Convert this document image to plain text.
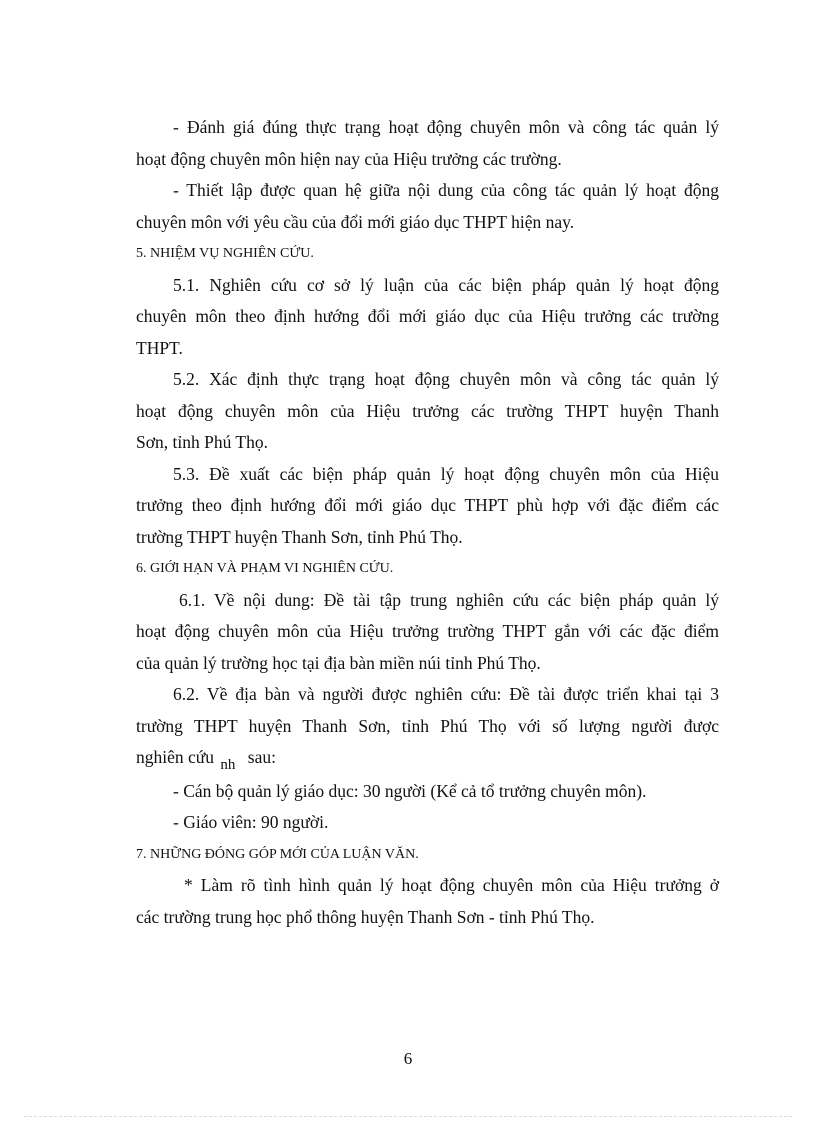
- Đánh giá đúng thực trạng hoạt động chuyên môn và công tác quản lý
hoạt động chuyên môn hiện nay của Hiệu trưởng các trường.
- Thiết lập được quan hệ giữa nội dung của công tác quản lý hoạt động
chuyên môn với yêu cầu của đổi mới giáo dục THPT hiện nay.
5. NHIỆM VỤ NGHIÊN CỨU.
5.1. Nghiên cứu cơ sở lý luận của các biện pháp quản lý hoạt động
chuyên môn theo định hướng đổi mới giáo dục của Hiệu trưởng các trường
THPT.
5.2. Xác định thực trạng hoạt động chuyên môn và công tác quản lý
hoạt động chuyên môn của Hiệu trưởng các trường THPT huyện Thanh
Sơn, tỉnh Phú Thọ.
5.3. Đề xuất các biện pháp quản lý hoạt động chuyên môn của Hiệu
trưởng theo định hướng đổi mới giáo dục THPT phù hợp với đặc điểm các
trường THPT huyện Thanh Sơn, tỉnh Phú Thọ.
6. GIỚI HẠN VÀ PHẠM VI NGHIÊN CỨU.
6.1. Về nội dung: Đề tài tập trung nghiên cứu các biện pháp quản lý
hoạt động chuyên môn của Hiệu trưởng trường THPT gắn với các đặc điểm
của quản lý trường học tại địa bàn miền núi tỉnh Phú Thọ.
6.2. Về địa bàn và người được nghiên cứu: Đề tài được triển khai tại 3
trường THPT huyện Thanh Sơn, tỉnh Phú Thọ với số lượng người được
nghiên cứu nh sau:
- Cán bộ quản lý giáo dục: 30 người (Kể cả tổ trưởng chuyên môn).
- Giáo viên: 90 người.
7. NHỮNG ĐÓNG GÓP MỚI CỦA LUẬN VĂN.
* Làm rõ tình hình quản lý hoạt động chuyên môn của Hiệu trưởng ở
các trường trung học phổ thông huyện Thanh Sơn - tỉnh Phú Thọ.
6
